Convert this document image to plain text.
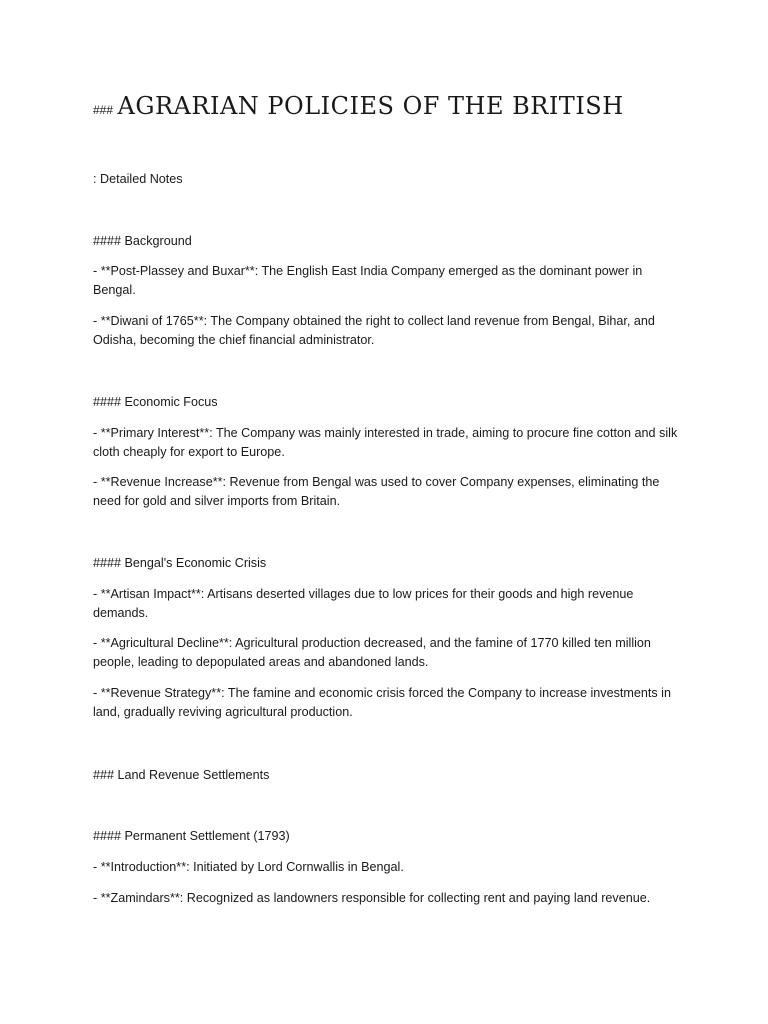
### AGRARIAN POLICIES OF THE BRITISH
: Detailed Notes
#### Background
- **Post-Plassey and Buxar**: The English East India Company emerged as the dominant power in Bengal.
- **Diwani of 1765**: The Company obtained the right to collect land revenue from Bengal, Bihar, and Odisha, becoming the chief financial administrator.
#### Economic Focus
- **Primary Interest**: The Company was mainly interested in trade, aiming to procure fine cotton and silk cloth cheaply for export to Europe.
- **Revenue Increase**: Revenue from Bengal was used to cover Company expenses, eliminating the need for gold and silver imports from Britain.
#### Bengal's Economic Crisis
- **Artisan Impact**: Artisans deserted villages due to low prices for their goods and high revenue demands.
- **Agricultural Decline**: Agricultural production decreased, and the famine of 1770 killed ten million people, leading to depopulated areas and abandoned lands.
- **Revenue Strategy**: The famine and economic crisis forced the Company to increase investments in land, gradually reviving agricultural production.
### Land Revenue Settlements
#### Permanent Settlement (1793)
- **Introduction**: Initiated by Lord Cornwallis in Bengal.
- **Zamindars**: Recognized as landowners responsible for collecting rent and paying land revenue.
